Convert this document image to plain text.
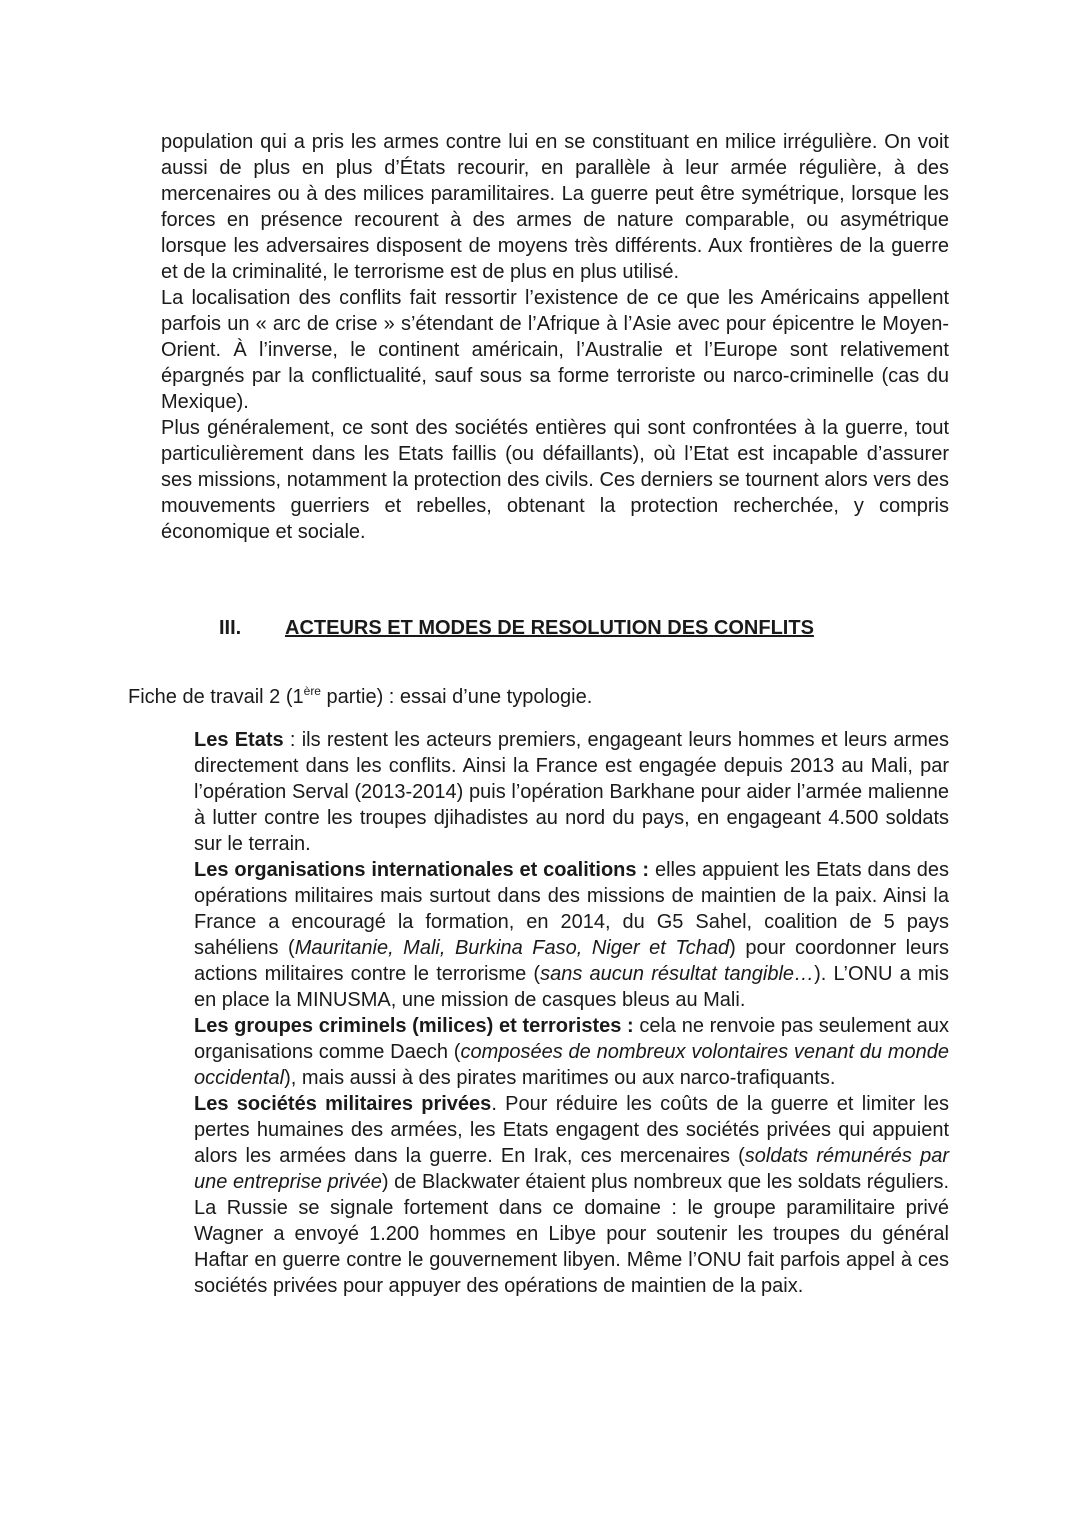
population qui a pris les armes contre lui en se constituant en milice irrégulière. On voit aussi de plus en plus d’États recourir, en parallèle à leur armée régulière, à des mercenaires ou à des milices paramilitaires. La guerre peut être symétrique, lorsque les forces en présence recourent à des armes de nature comparable, ou asymétrique lorsque les adversaires disposent de moyens très différents. Aux frontières de la guerre et de la criminalité, le terrorisme est de plus en plus utilisé.

La localisation des conflits fait ressortir l’existence de ce que les Américains appellent parfois un « arc de crise » s’étendant de l’Afrique à l’Asie avec pour épicentre le Moyen-Orient. À l’inverse, le continent américain, l’Australie et l’Europe sont relativement épargnés par la conflictualité, sauf sous sa forme terroriste ou narco-criminelle (cas du Mexique).

Plus généralement, ce sont des sociétés entières qui sont confrontées à la guerre, tout particulièrement dans les Etats faillis (ou défaillants), où l’Etat est incapable d’assurer ses missions, notamment la protection des civils. Ces derniers se tournent alors vers des mouvements guerriers et rebelles, obtenant la protection recherchée, y compris économique et sociale.

III. ACTEURS ET MODES DE RESOLUTION DES CONFLITS
Fiche de travail 2 (1ère partie) : essai d’une typologie.

Les Etats : ils restent les acteurs premiers, engageant leurs hommes et leurs armes directement dans les conflits. Ainsi la France est engagée depuis 2013 au Mali, par l’opération Serval (2013-2014) puis l’opération Barkhane pour aider l’armée malienne à lutter contre les troupes djihadistes au nord du pays, en engageant 4.500 soldats sur le terrain.

Les organisations internationales et coalitions : elles appuient les Etats dans des opérations militaires mais surtout dans des missions de maintien de la paix. Ainsi la France a encouragé la formation, en 2014, du G5 Sahel, coalition de 5 pays sahéliens (Mauritanie, Mali, Burkina Faso, Niger et Tchad) pour coordonner leurs actions militaires contre le terrorisme (sans aucun résultat tangible…). L’ONU a mis en place la MINUSMA, une mission de casques bleus au Mali.

Les groupes criminels (milices) et terroristes : cela ne renvoie pas seulement aux organisations comme Daech (composées de nombreux volontaires venant du monde occidental), mais aussi à des pirates maritimes ou aux narco-trafiquants.

Les sociétés militaires privées. Pour réduire les coûts de la guerre et limiter les pertes humaines des armées, les Etats engagent des sociétés privées qui appuient alors les armées dans la guerre. En Irak, ces mercenaires (soldats rémunérés par une entreprise privée) de Blackwater étaient plus nombreux que les soldats réguliers. La Russie se signale fortement dans ce domaine : le groupe paramilitaire privé Wagner a envoyé 1.200 hommes en Libye pour soutenir les troupes du général Haftar en guerre contre le gouvernement libyen. Même l’ONU fait parfois appel à ces sociétés privées pour appuyer des opérations de maintien de la paix.
